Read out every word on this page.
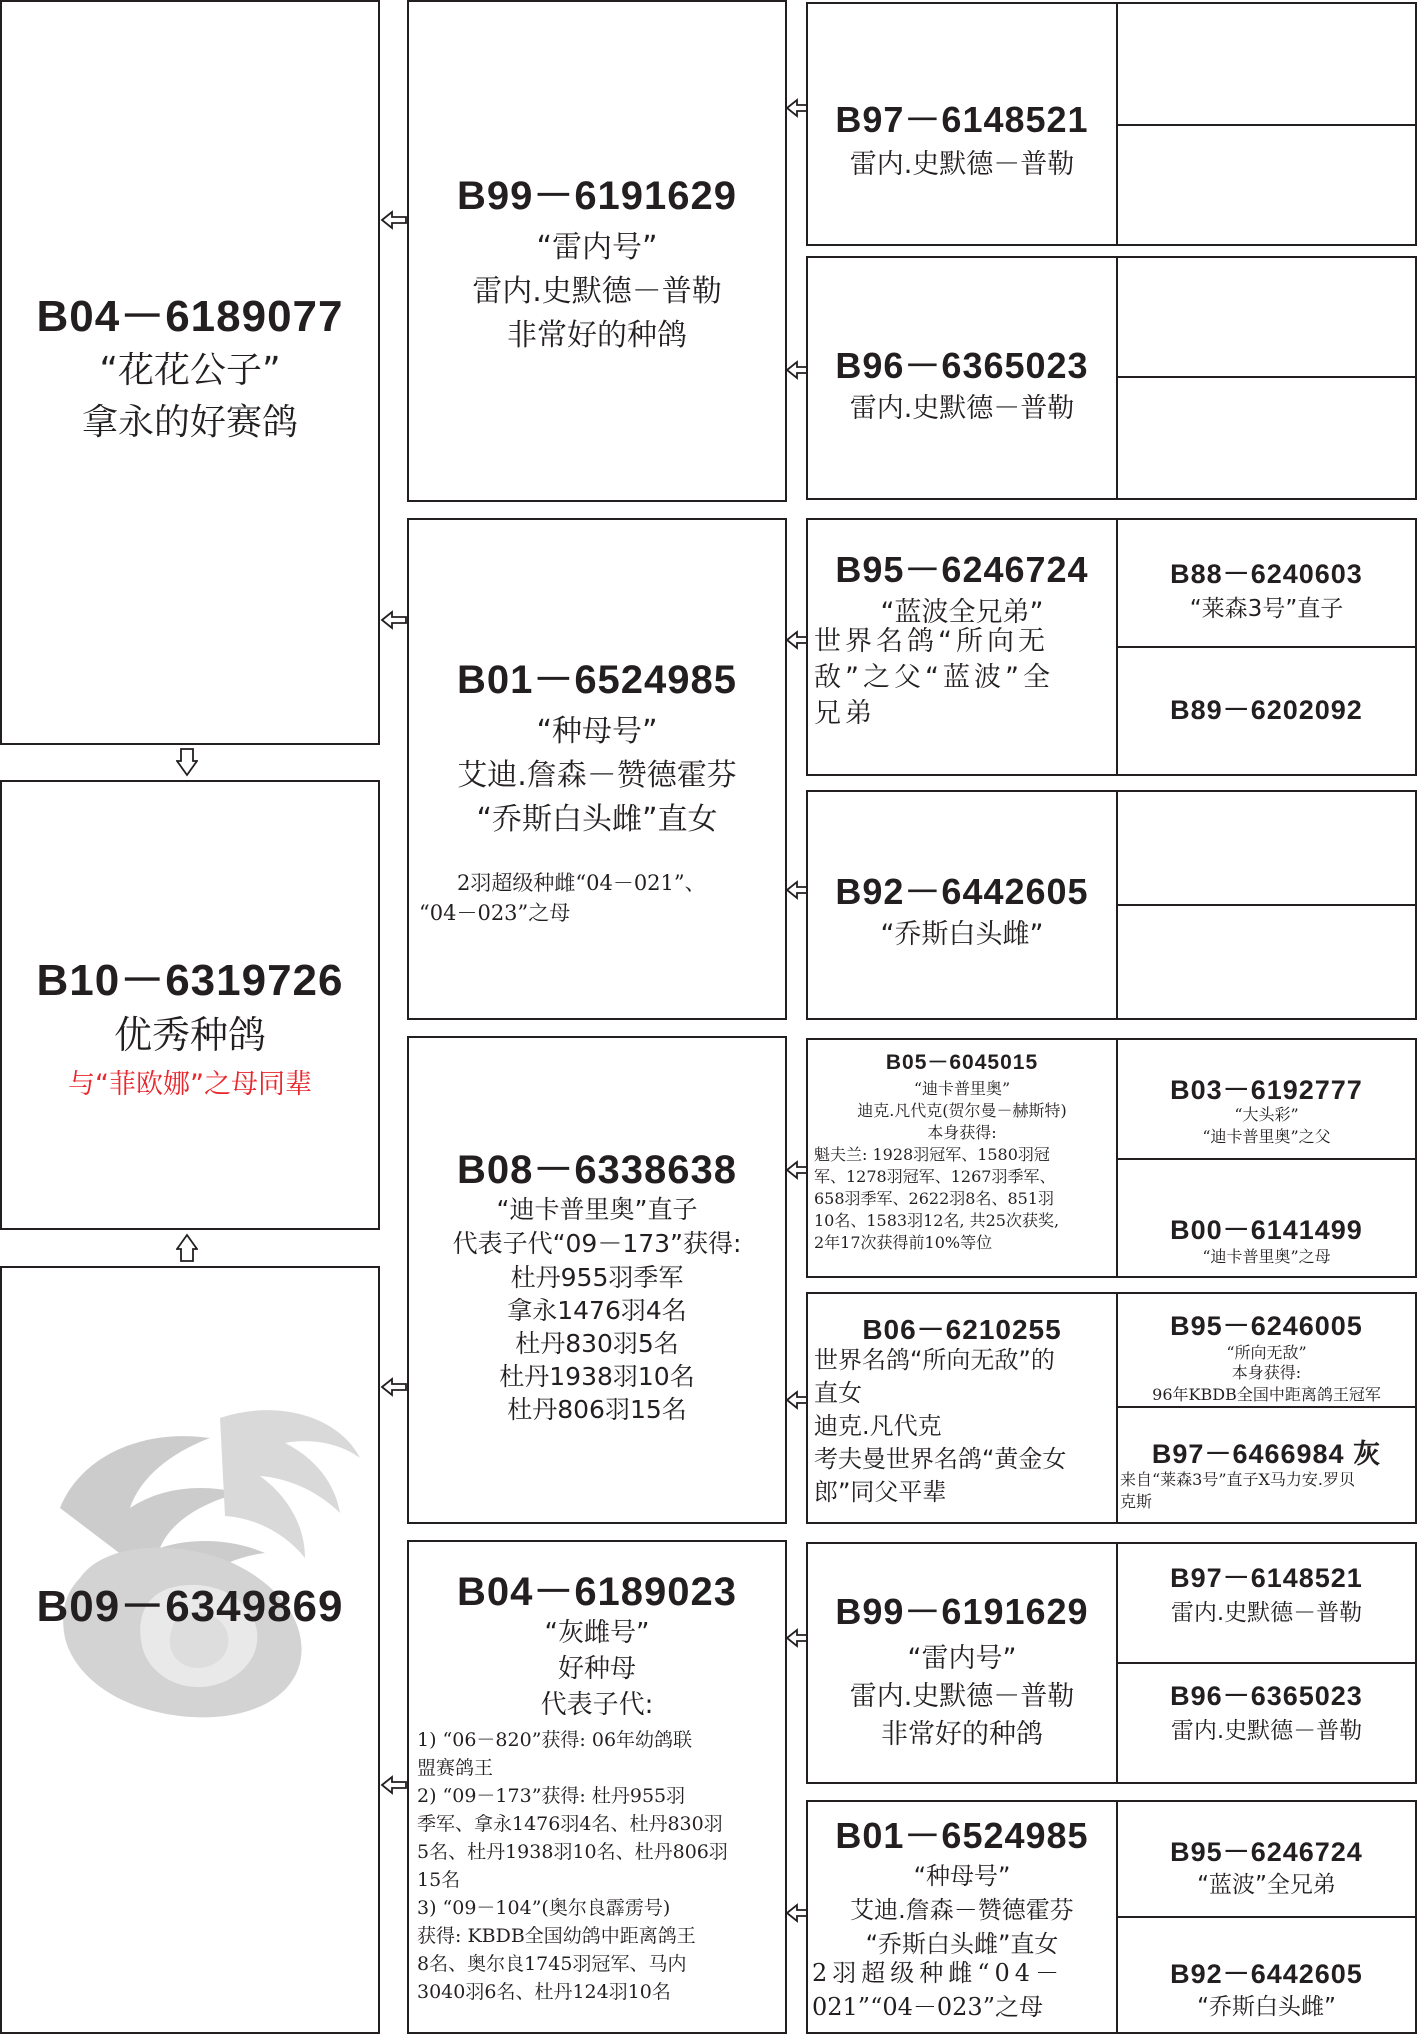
B04－6189077
“花花公子”
拿永的好赛鸽
B10－6319726
优秀种鸽
与“菲欧娜”之母同辈
B09－6349869
B99－6191629
“雷内号”
雷内.史默德－普勒
非常好的种鸽
B01－6524985
“种母号”
艾迪.詹森－赞德霍芬
“乔斯白头雌”直女
2羽超级种雌“04－021”、
“04－023”之母
B08－6338638
“迪卡普里奥”直子
代表子代“09－173”获得:
杜丹955羽季军
拿永1476羽4名
杜丹830羽5名
杜丹1938羽10名
杜丹806羽15名
B04－6189023
“灰雌号”
好种母
代表子代:
1) “06－820”获得: 06年幼鸽联
盟赛鸽王
2) “09－173”获得: 杜丹955羽
季军、拿永1476羽4名、杜丹830羽
5名、杜丹1938羽10名、杜丹806羽
15名
3) “09－104”(奥尔良霹雳号)
获得: KBDB全国幼鸽中距离鸽王
8名、奥尔良1745羽冠军、马内
3040羽6名、杜丹124羽10名
B97－6148521
雷内.史默德－普勒
B96－6365023
雷内.史默德－普勒
B95－6246724
“蓝波全兄弟”
世界名鸽“所向无
敌”之父“蓝波”全
兄弟
B92－6442605
“乔斯白头雌”
B05－6045015
“迪卡普里奥”
迪克.凡代克(贺尔曼－赫斯特)
本身获得:
魁夫兰: 1928羽冠军、1580羽冠
军、1278羽冠军、1267羽季军、
658羽季军、2622羽8名、851羽
10名、1583羽12名, 共25次获奖,
2年17次获得前10%等位
B06－6210255
世界名鸽“所向无敌”的
直女
迪克.凡代克
考夫曼世界名鸽“黄金女
郎”同父平辈
B99－6191629
“雷内号”
雷内.史默德－普勒
非常好的种鸽
B01－6524985
“种母号”
艾迪.詹森－赞德霍芬
“乔斯白头雌”直女
2羽超级种雌“04－
021”“04－023”之母
B88－6240603
“莱森3号”直子
B89－6202092
B03－6192777
“大头彩”
“迪卡普里奥”之父
B00－6141499
“迪卡普里奥”之母
B95－6246005
“所向无敌”
本身获得:
96年KBDB全国中距离鸽王冠军
B97－6466984 灰
来自“莱森3号”直子X马力安.罗贝
克斯
B97－6148521
雷内.史默德－普勒
B96－6365023
雷内.史默德－普勒
B95－6246724
“蓝波”全兄弟
B92－6442605
“乔斯白头雌”
